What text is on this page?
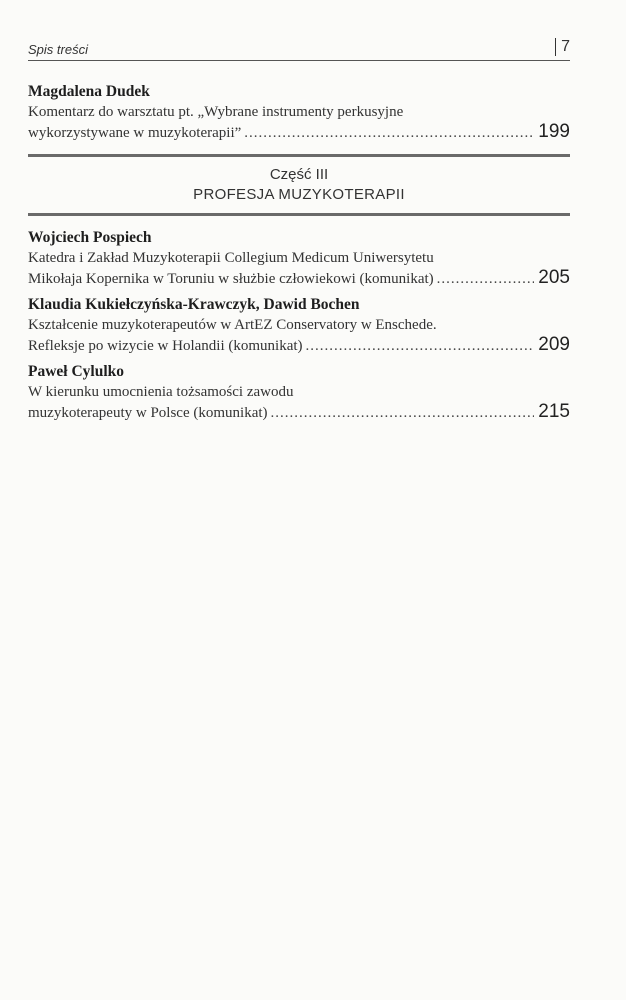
Spis treści	7
Magdalena Dudek
Komentarz do warsztatu pt. „Wybrane instrumenty perkusyjne
wykorzystywane w muzykoterapii” .....	199
Część III
PROFESJA MUZYKOTERAPII
Wojciech Pospiech
Katedra i Zakład Muzykoterapii Collegium Medicum Uniwersytetu
Mikołaja Kopernika w Toruniu w służbie człowiekowi (komunikat) .....	205
Klaudia Kukiełczyńska-Krawczyk, Dawid Bochen
Kształcenie muzykoterapeutów w ArtEZ Conservatory w Enschede.
Refleksje po wizycie w Holandii (komunikat) .....	209
Paweł Cylulko
W kierunku umocnienia tożsamości zawodu
muzykoterapeuty w Polsce (komunikat) .....	215
